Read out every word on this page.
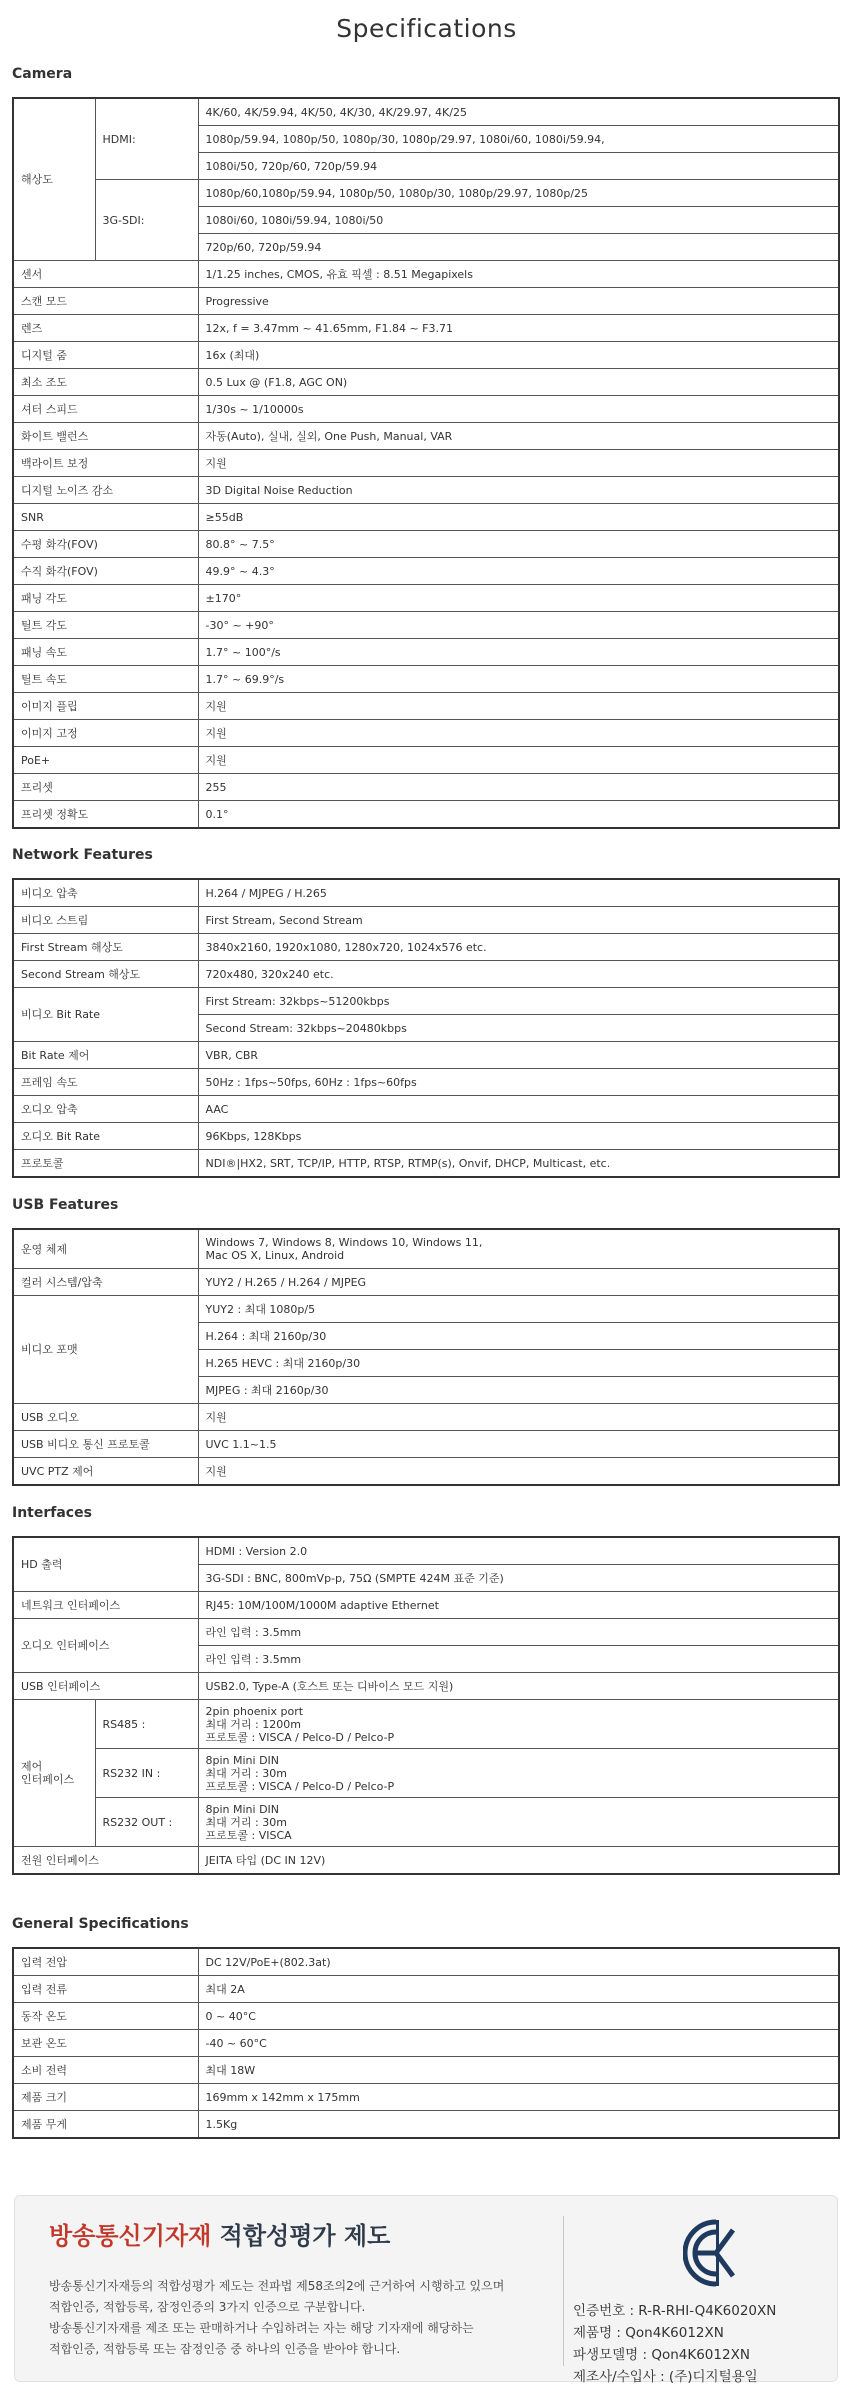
Specifications
Camera
해상도	HDMI:	4K/60, 4K/59.94, 4K/50, 4K/30, 4K/29.97, 4K/25
		1080p/59.94, 1080p/50, 1080p/30, 1080p/29.97, 1080i/60, 1080i/59.94,
		1080i/50, 720p/60, 720p/59.94
	3G-SDI:	1080p/60,1080p/59.94, 1080p/50, 1080p/30, 1080p/29.97, 1080p/25
		1080i/60, 1080i/59.94, 1080i/50
		720p/60, 720p/59.94
센서		1/1.25 inches, CMOS, 유효 픽셀 : 8.51 Megapixels
스캔 모드		Progressive
렌즈		12x, f = 3.47mm ~ 41.65mm, F1.84 ~ F3.71
디지털 줌		16x (최대)
최소 조도		0.5 Lux @ (F1.8, AGC ON)
셔터 스피드		1/30s ~ 1/10000s
화이트 밸런스		자동(Auto), 실내, 실외, One Push, Manual, VAR
백라이트 보정		지원
디지털 노이즈 감소		3D Digital Noise Reduction
SNR		≥55dB
수평 화각(FOV)		80.8° ~ 7.5°
수직 화각(FOV)		49.9° ~ 4.3°
패닝 각도		±170°
틸트 각도		-30° ~ +90°
패닝 속도		1.7° ~ 100°/s
틸트 속도		1.7° ~ 69.9°/s
이미지 플립		지원
이미지 고정		지원
PoE+		지원
프리셋		255
프리셋 정확도		0.1°
Network Features
비디오 압축	H.264 / MJPEG / H.265
비디오 스트림	First Stream, Second Stream
First Stream 해상도	3840x2160, 1920x1080, 1280x720, 1024x576 etc.
Second Stream 해상도	720x480, 320x240 etc.
비디오 Bit Rate	First Stream: 32kbps~51200kbps
	Second Stream: 32kbps~20480kbps
Bit Rate 제어	VBR, CBR
프레임 속도	50Hz : 1fps~50fps, 60Hz : 1fps~60fps
오디오 압축	AAC
오디오 Bit Rate	96Kbps, 128Kbps
프로토콜	NDI®|HX2, SRT, TCP/IP, HTTP, RTSP, RTMP(s), Onvif, DHCP, Multicast, etc.
USB Features
운영 체제	Windows 7, Windows 8, Windows 10, Windows 11,
Mac OS X, Linux, Android
컬러 시스템/압축	YUY2 / H.265 / H.264 / MJPEG
비디오 포맷	YUY2 : 최대 1080p/5
	H.264 : 최대 2160p/30
	H.265 HEVC : 최대 2160p/30
	MJPEG : 최대 2160p/30
USB 오디오	지원
USB 비디오 통신 프로토콜	UVC 1.1~1.5
UVC PTZ 제어	지원
Interfaces
HD 출력		HDMI : Version 2.0
		3G-SDI : BNC, 800mVp-p, 75Ω (SMPTE 424M 표준 기준)
네트워크 인터페이스		RJ45: 10M/100M/1000M adaptive Ethernet
오디오 인터페이스		라인 입력 : 3.5mm
		라인 입력 : 3.5mm
USB 인터페이스		USB2.0, Type-A (호스트 또는 디바이스 모드 지원)
제어
인터페이스	RS485 :	2pin phoenix port
최대 거리 : 1200m
프로토콜 : VISCA / Pelco-D / Pelco-P
	RS232 IN :	8pin Mini DIN
최대 거리 : 30m
프로토콜 : VISCA / Pelco-D / Pelco-P
	RS232 OUT :	8pin Mini DIN
최대 거리 : 30m
프로토콜 : VISCA
전원 인터페이스		JEITA 타입 (DC IN 12V)
General Specifications
입력 전압	DC 12V/PoE+(802.3at)
입력 전류	최대 2A
동작 온도	0 ~ 40°C
보관 온도	-40 ~ 60°C
소비 전력	최대 18W
제품 크기	169mm x 142mm x 175mm
제품 무게	1.5Kg
방송통신기자재 적합성평가 제도
방송통신기자재등의 적합성평가 제도는 전파법 제58조의2에 근거하여 시행하고 있으며
적합인증, 적합등록, 잠정인증의 3가지 인증으로 구분합니다.
방송통신기자재를 제조 또는 판매하거나 수입하려는 자는 해당 기자재에 해당하는
적합인증, 적합등록 또는 잠정인증 중 하나의 인증을 받아야 합니다.
인증번호 : R-R-RHI-Q4K6020XN
제품명 : Qon4K6012XN
파생모델명 : Qon4K6012XN
제조사/수입사 : (주)디지털용일
